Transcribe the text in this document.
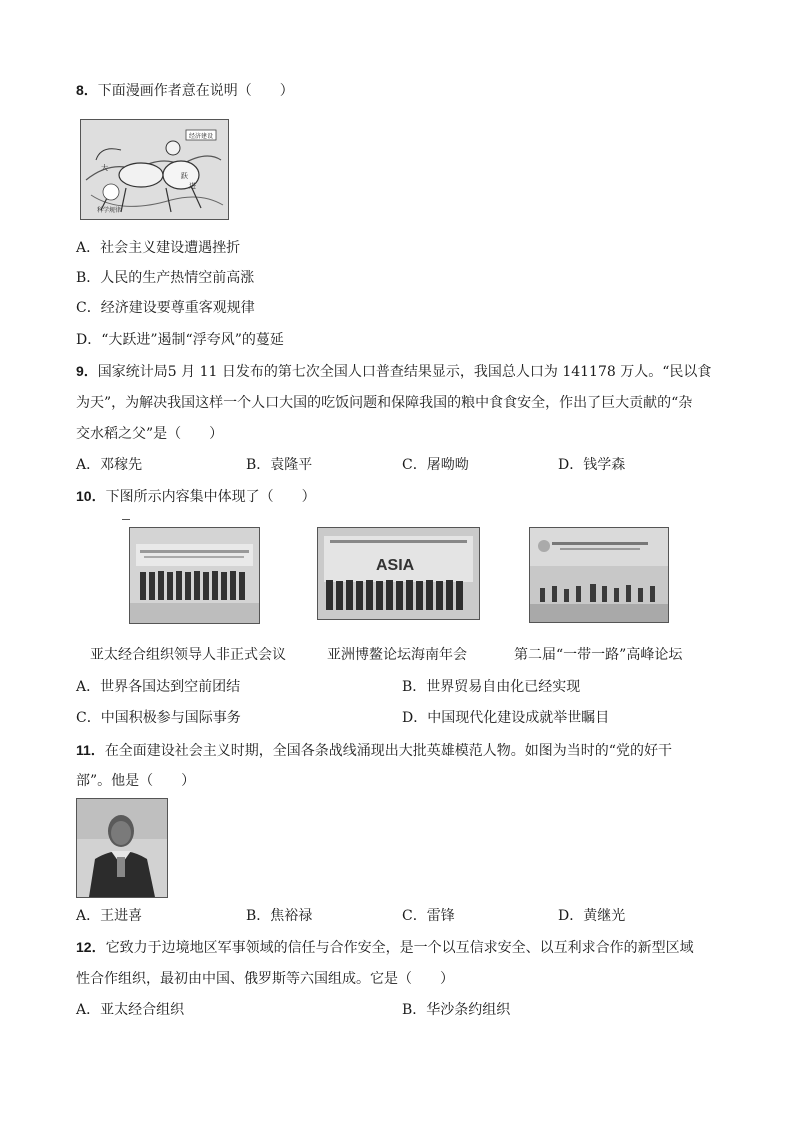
8．下面漫画作者意在说明（　　）
经济建设
科学规律
大
跃
进
A．社会主义建设遭遇挫折
B．人民的生产热情空前高涨
C．经济建设要尊重客观规律
D．“大跃进”遏制“浮夸风”的蔓延
9．国家统计局5 月 11 日发布的第七次全国人口普查结果显示，我国总人口为 141178 万人。“民以食
为天”，为解决我国这样一个人口大国的吃饭问题和保障我国的粮中食食安全，作出了巨大贡献的“杂
交水稻之父”是（　　）
A．邓稼先	B．袁隆平	C．屠呦呦	D．钱学森
10．下图所示内容集中体现了（　　）
ASIA
亚太经合组织领导人非正式会议	亚洲博鳌论坛海南年会	第二届“一带一路”高峰论坛
A．世界各国达到空前团结	B．世界贸易自由化已经实现
C．中国积极参与国际事务	D．中国现代化建设成就举世瞩目
11．在全面建设社会主义时期，全国各条战线涌现出大批英雄模范人物。如图为当时的“党的好干
部”。他是（　　）
A．王进喜	B．焦裕禄	C．雷锋	D．黄继光
12．它致力于边境地区军事领域的信任与合作安全，是一个以互信求安全、以互利求合作的新型区域
性合作组织，最初由中国、俄罗斯等六国组成。它是（　　）
A．亚太经合组织	B．华沙条约组织
